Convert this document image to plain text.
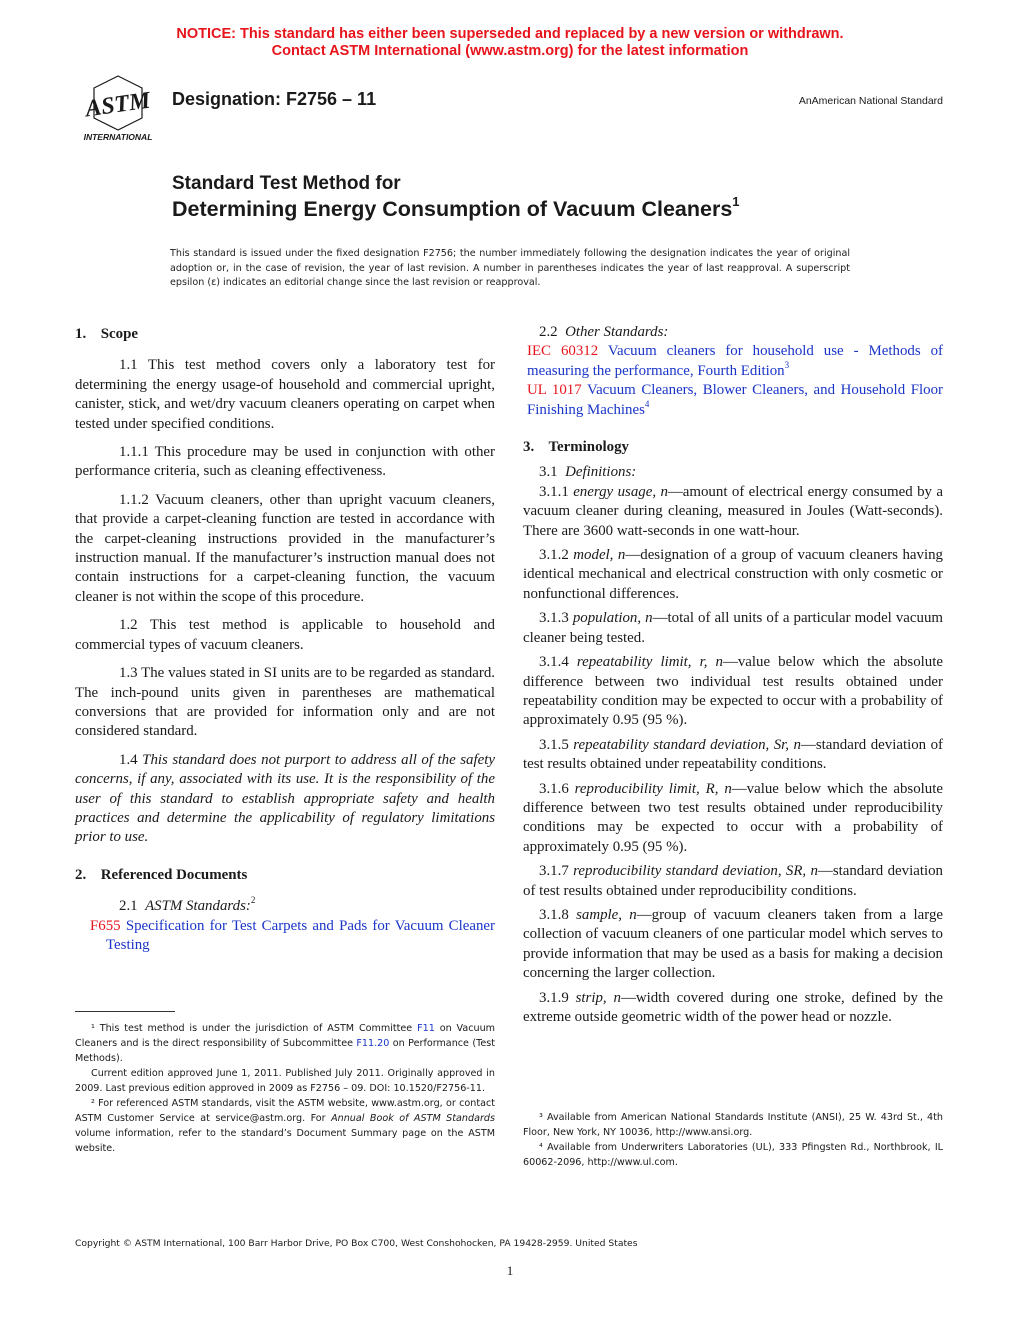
NOTICE: This standard has either been superseded and replaced by a new version or withdrawn.
Contact ASTM International (www.astm.org) for the latest information
ASTM
INTERNATIONAL
Designation: F2756 – 11	AnAmerican National Standard
Standard Test Method for
Determining Energy Consumption of Vacuum Cleaners$^1$
This standard is issued under the fixed designation F2756; the number immediately following the designation indicates the year of original adoption or, in the case of revision, the year of last revision. A number in parentheses indicates the year of last reapproval. A superscript epsilon (ε) indicates an editorial change since the last revision or reapproval.

1. Scope

1.1 This test method covers only a laboratory test for determining the energy usage-of household and commercial upright, canister, stick, and wet/dry vacuum cleaners operating on carpet when tested under specified conditions.

1.1.1 This procedure may be used in conjunction with other performance criteria, such as cleaning effectiveness.

1.1.2 Vacuum cleaners, other than upright vacuum cleaners, that provide a carpet-cleaning function are tested in accordance with the carpet-cleaning instructions provided in the manufacturer’s instruction manual. If the manufacturer’s instruction manual does not contain instructions for a carpet-cleaning function, the vacuum cleaner is not within the scope of this procedure.

1.2 This test method is applicable to household and commercial types of vacuum cleaners.

1.3 The values stated in SI units are to be regarded as standard. The inch-pound units given in parentheses are mathematical conversions that are provided for information only and are not considered standard.

1.4 This standard does not purport to address all of the safety concerns, if any, associated with its use. It is the responsibility of the user of this standard to establish appropriate safety and health practices and determine the applicability of regulatory limitations prior to use.

2. Referenced Documents

2.1 ASTM Standards:$^2$

F655 Specification for Test Carpets and Pads for Vacuum Cleaner Testing

2.2 Other Standards:

IEC 60312 Vacuum cleaners for household use - Methods of measuring the performance, Fourth Edition$^3$

UL 1017 Vacuum Cleaners, Blower Cleaners, and Household Floor Finishing Machines$^4$

3. Terminology

3.1 Definitions:

3.1.1 energy usage, n—amount of electrical energy consumed by a vacuum cleaner during cleaning, measured in Joules (Watt-seconds). There are 3600 watt-seconds in one watt-hour.

3.1.2 model, n—designation of a group of vacuum cleaners having identical mechanical and electrical construction with only cosmetic or nonfunctional differences.

3.1.3 population, n—total of all units of a particular model vacuum cleaner being tested.

3.1.4 repeatability limit, r, n—value below which the absolute difference between two individual test results obtained under repeatability condition may be expected to occur with a probability of approximately 0.95 (95 %).

3.1.5 repeatability standard deviation, Sr, n—standard deviation of test results obtained under repeatability conditions.

3.1.6 reproducibility limit, R, n—value below which the absolute difference between two test results obtained under reproducibility conditions may be expected to occur with a probability of approximately 0.95 (95 %).

3.1.7 reproducibility standard deviation, SR, n—standard deviation of test results obtained under reproducibility conditions.

3.1.8 sample, n—group of vacuum cleaners taken from a large collection of vacuum cleaners of one particular model which serves to provide information that may be used as a basis for making a decision concerning the larger collection.

3.1.9 strip, n—width covered during one stroke, defined by the extreme outside geometric width of the power head or nozzle.

¹ This test method is under the jurisdiction of ASTM Committee F11 on Vacuum Cleaners and is the direct responsibility of Subcommittee F11.20 on Performance (Test Methods).

Current edition approved June 1, 2011. Published July 2011. Originally approved in 2009. Last previous edition approved in 2009 as F2756 – 09. DOI: 10.1520/F2756-11.

² For referenced ASTM standards, visit the ASTM website, www.astm.org, or contact ASTM Customer Service at service@astm.org. For Annual Book of ASTM Standards volume information, refer to the standard’s Document Summary page on the ASTM website.

³ Available from American National Standards Institute (ANSI), 25 W. 43rd St., 4th Floor, New York, NY 10036, http://www.ansi.org.

⁴ Available from Underwriters Laboratories (UL), 333 Pfingsten Rd., Northbrook, IL 60062-2096, http://www.ul.com.

Copyright © ASTM International, 100 Barr Harbor Drive, PO Box C700, West Conshohocken, PA 19428-2959. United States
1
